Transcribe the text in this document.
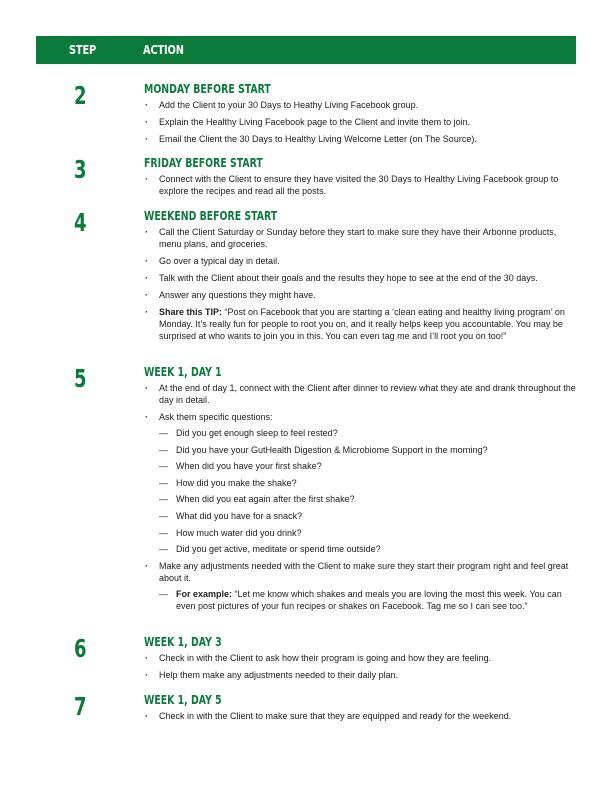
STEP	ACTION
2	MONDAY BEFORE START
· Add the Client to your 30 Days to Heathy Living Facebook group.
· Explain the Healthy Living Facebook page to the Client and invite them to join.
· Email the Client the 30 Days to Healthy Living Welcome Letter (on The Source).
3	FRIDAY BEFORE START
· Connect with the Client to ensure they have visited the 30 Days to Healthy Living Facebook group to explore the recipes and read all the posts.
4	WEEKEND BEFORE START
· Call the Client Saturday or Sunday before they start to make sure they have their Arbonne products, menu plans, and groceries.
· Go over a typical day in detail.
· Talk with the Client about their goals and the results they hope to see at the end of the 30 days.
· Answer any questions they might have.
· Share this TIP: “Post on Facebook that you are starting a ‘clean eating and healthy living program’ on Monday. It’s really fun for people to root you on, and it really helps keep you accountable. You may be surprised at who wants to join you in this. You can even tag me and I’ll root you on too!”
5	WEEK 1, DAY 1
· At the end of day 1, connect with the Client after dinner to review what they ate and drank throughout the day in detail.
· Ask them specific questions:
— Did you get enough sleep to feel rested?
— Did you have your GutHealth Digestion & Microbiome Support in the morning?
— When did you have your first shake?
— How did you make the shake?
— When did you eat again after the first shake?
— What did you have for a snack?
— How much water did you drink?
— Did you get active, meditate or spend time outside?
· Make any adjustments needed with the Client to make sure they start their program right and feel great about it.
— For example: “Let me know which shakes and meals you are loving the most this week. You can even post pictures of your fun recipes or shakes on Facebook. Tag me so I can see too.”
6	WEEK 1, DAY 3
· Check in with the Client to ask how their program is going and how they are feeling.
· Help them make any adjustments needed to their daily plan.
7	WEEK 1, DAY 5
· Check in with the Client to make sure that they are equipped and ready for the weekend.
